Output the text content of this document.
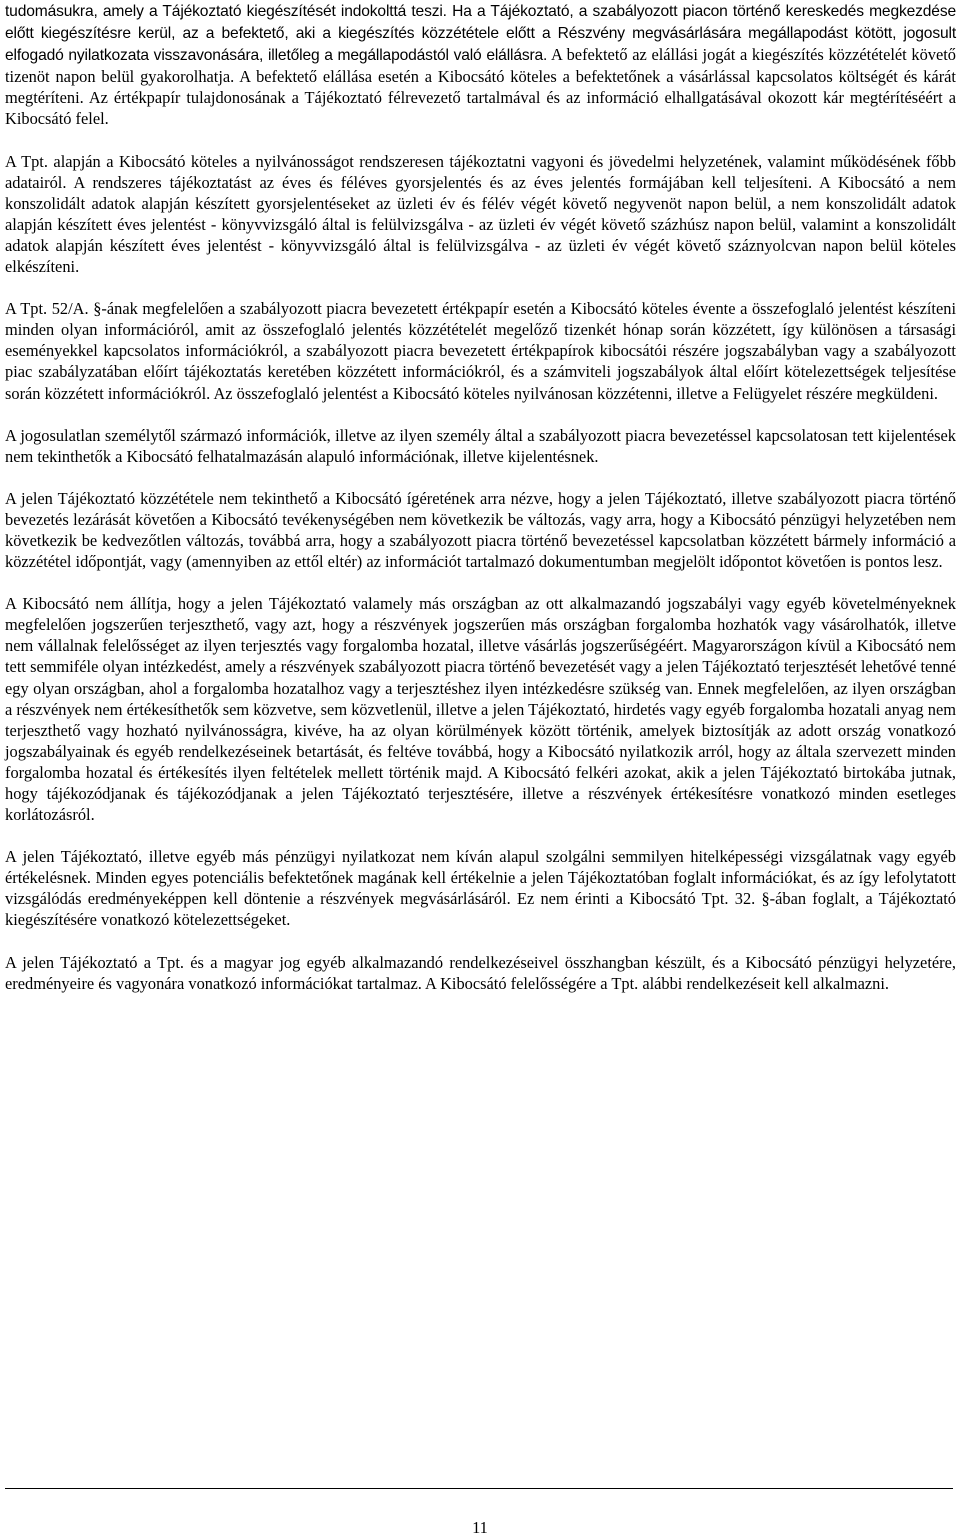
tudomásukra, amely a Tájékoztató kiegészítését indokolttá teszi. Ha a Tájékoztató, a szabályozott piacon történő kereskedés megkezdése előtt kiegészítésre kerül, az a befektető, aki a kiegészítés közzététele előtt a Részvény megvásárlására megállapodást kötött, jogosult elfogadó nyilatkozata visszavonására, illetőleg a megállapodástól való elállásra. A befektető az elállási jogát a kiegészítés közzétételét követő tizenöt napon belül gyakorolhatja. A befektető elállása esetén a Kibocsátó köteles a befektetőnek a vásárlással kapcsolatos költségét és kárát megtéríteni. Az értékpapír tulajdonosának a Tájékoztató félrevezető tartalmával és az információ elhallgatásával okozott kár megtérítéséért a Kibocsátó felel.

A Tpt. alapján a Kibocsátó köteles a nyilvánosságot rendszeresen tájékoztatni vagyoni és jövedelmi helyzetének, valamint működésének főbb adatairól. A rendszeres tájékoztatást az éves és féléves gyorsjelentés és az éves jelentés formájában kell teljesíteni. A Kibocsátó a nem konszolidált adatok alapján készített gyorsjelentéseket az üzleti év és félév végét követő negyvenöt napon belül, a nem konszolidált adatok alapján készített éves jelentést - könyvvizsgáló által is felülvizsgálva - az üzleti év végét követő százhúsz napon belül, valamint a konszolidált adatok alapján készített éves jelentést - könyvvizsgáló által is felülvizsgálva - az üzleti év végét követő száznyolcvan napon belül köteles elkészíteni.

A Tpt. 52/A. §-ának megfelelően a szabályozott piacra bevezetett értékpapír esetén a Kibocsátó köteles évente a összefoglaló jelentést készíteni minden olyan információról, amit az összefoglaló jelentés közzétételét megelőző tizenkét hónap során közzétett, így különösen a társasági eseményekkel kapcsolatos információkról, a szabályozott piacra bevezetett értékpapírok kibocsátói részére jogszabályban vagy a szabályozott piac szabályzatában előírt tájékoztatás keretében közzétett információkról, és a számviteli jogszabályok által előírt kötelezettségek teljesítése során közzétett információkról. Az összefoglaló jelentést a Kibocsátó köteles nyilvánosan közzétenni, illetve a Felügyelet részére megküldeni.

A jogosulatlan személytől származó információk, illetve az ilyen személy által a szabályozott piacra bevezetéssel kapcsolatosan tett kijelentések nem tekinthetők a Kibocsátó felhatalmazásán alapuló információnak, illetve kijelentésnek.

A jelen Tájékoztató közzététele nem tekinthető a Kibocsátó ígéretének arra nézve, hogy a jelen Tájékoztató, illetve szabályozott piacra történő bevezetés lezárását követően a Kibocsátó tevékenységében nem következik be változás, vagy arra, hogy a Kibocsátó pénzügyi helyzetében nem következik be kedvezőtlen változás, továbbá arra, hogy a szabályozott piacra történő bevezetéssel kapcsolatban közzétett bármely információ a közzététel időpontját, vagy (amennyiben az ettől eltér) az információt tartalmazó dokumentumban megjelölt időpontot követően is pontos lesz.

A Kibocsátó nem állítja, hogy a jelen Tájékoztató valamely más országban az ott alkalmazandó jogszabályi vagy egyéb követelményeknek megfelelően jogszerűen terjeszthető, vagy azt, hogy a részvények jogszerűen más országban forgalomba hozhatók vagy vásárolhatók, illetve nem vállalnak felelősséget az ilyen terjesztés vagy forgalomba hozatal, illetve vásárlás jogszerűségéért. Magyarországon kívül a Kibocsátó nem tett semmiféle olyan intézkedést, amely a részvények szabályozott piacra történő bevezetését vagy a jelen Tájékoztató terjesztését lehetővé tenné egy olyan országban, ahol a forgalomba hozatalhoz vagy a terjesztéshez ilyen intézkedésre szükség van. Ennek megfelelően, az ilyen országban a részvények nem értékesíthetők sem közvetve, sem közvetlenül, illetve a jelen Tájékoztató, hirdetés vagy egyéb forgalomba hozatali anyag nem terjeszthető vagy hozható nyilvánosságra, kivéve, ha az olyan körülmények között történik, amelyek biztosítják az adott ország vonatkozó jogszabályainak és egyéb rendelkezéseinek betartását, és feltéve továbbá, hogy a Kibocsátó nyilatkozik arról, hogy az általa szervezett minden forgalomba hozatal és értékesítés ilyen feltételek mellett történik majd. A Kibocsátó felkéri azokat, akik a jelen Tájékoztató birtokába jutnak, hogy tájékozódjanak és tájékozódjanak a jelen Tájékoztató terjesztésére, illetve a részvények értékesítésre vonatkozó minden esetleges korlátozásról.

A jelen Tájékoztató, illetve egyéb más pénzügyi nyilatkozat nem kíván alapul szolgálni semmilyen hitelképességi vizsgálatnak vagy egyéb értékelésnek. Minden egyes potenciális befektetőnek magának kell értékelnie a jelen Tájékoztatóban foglalt információkat, és az így lefolytatott vizsgálódás eredményeképpen kell döntenie a részvények megvásárlásáról. Ez nem érinti a Kibocsátó Tpt. 32. §-ában foglalt, a Tájékoztató kiegészítésére vonatkozó kötelezettségeket.

A jelen Tájékoztató a Tpt. és a magyar jog egyéb alkalmazandó rendelkezéseivel összhangban készült, és a Kibocsátó pénzügyi helyzetére, eredményeire és vagyonára vonatkozó információkat tartalmaz. A Kibocsátó felelősségére a Tpt. alábbi rendelkezéseit kell alkalmazni.

11
